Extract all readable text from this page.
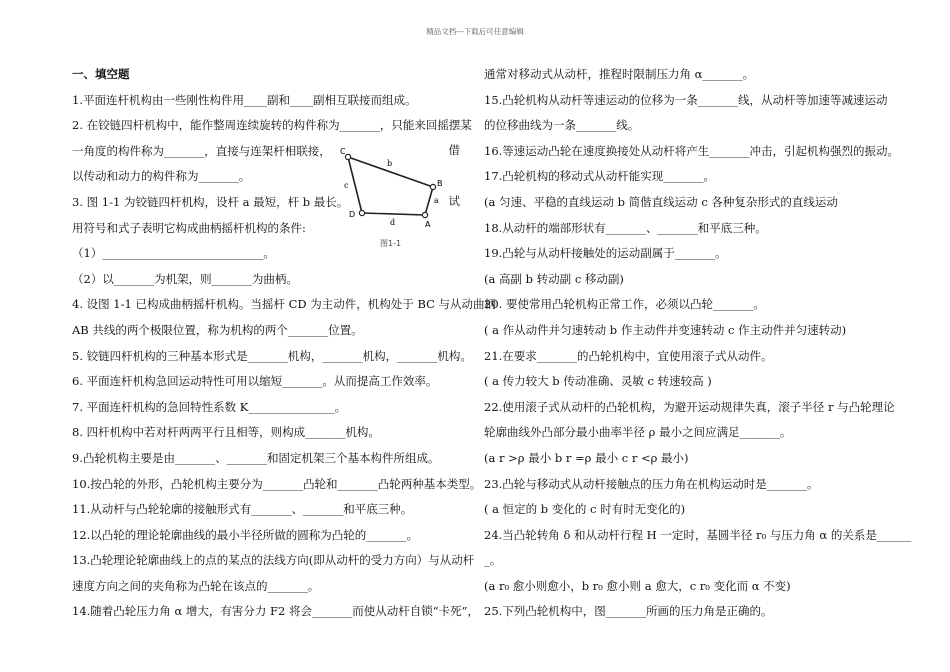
精品文档---下载后可任意编辑
一、填空题
1.平面连杆机构由一些刚性构件用____副和____副相互联接而组成。
2. 在铰链四杆机构中，能作整周连续旋转的构件称为_______，只能来回摇摆某
一角度的构件称为_______，直接与连架杆相联接，
以传动和动力的构件称为_______。
3. 图 1-1 为铰链四杆机构，设杆 a 最短，杆 b 最长。
用符号和式子表明它构成曲柄摇杆机构的条件:
（1）____________________________。
（2）以_______为机架，则_______为曲柄。
4. 设图 1-1 已构成曲柄摇杆机构。当摇杆 CD 为主动件，机构处于 BC 与从动曲柄
AB 共线的两个极限位置，称为机构的两个_______位置。
5. 铰链四杆机构的三种基本形式是_______机构，_______机构，_______机构。
6. 平面连杆机构急回运动特性可用以缩短_______。从而提高工作效率。
7. 平面连杆机构的急回特性系数 K_______________。
8. 四杆机构中若对杆两两平行且相等，则构成_______机构。
9.凸轮机构主要是由_______、_______和固定机架三个基本构件所组成。
10.按凸轮的外形，凸轮机构主要分为_______凸轮和_______凸轮两种基本类型。
11.从动杆与凸轮轮廓的接触形式有_______、_______和平底三种。
12.以凸轮的理论轮廓曲线的最小半径所做的圆称为凸轮的_______。
13.凸轮理论轮廓曲线上的点的某点的法线方向(即从动杆的受力方向）与从动杆
速度方向之间的夹角称为凸轮在该点的_______。
14.随着凸轮压力角 α 增大，有害分力 F2 将会_______而使从动杆自锁“卡死”，
借
试
C
B
D
A
b
c
d
a
图1-1
通常对移动式从动杆，推程时限制压力角 α_______。
15.凸轮机构从动杆等速运动的位移为一条_______线，从动杆等加速等减速运动
的位移曲线为一条_______线。
16.等速运动凸轮在速度换接处从动杆将产生_______冲击，引起机构强烈的振动。
17.凸轮机构的移动式从动杆能实现_______。
(a 匀速、平稳的直线运动 b 简偕直线运动 c 各种复杂形式的直线运动
18.从动杆的端部形状有_______、_______和平底三种。
19.凸轮与从动杆接触处的运动副属于_______。
(a 高副 b 转动副 c 移动副)
20. 要使常用凸轮机构正常工作，必须以凸轮_______。
( a 作从动件并匀速转动 b 作主动件并变速转动 c 作主动件并匀速转动)
21.在要求_______的凸轮机构中，宜使用滚子式从动件。
( a 传力较大 b 传动准确、灵敏 c 转速较高 )
22.使用滚子式从动杆的凸轮机构，为避开运动规律失真，滚子半径 r 与凸轮理论
轮廓曲线外凸部分最小曲率半径 ρ 最小之间应满足_______。
(a r >ρ 最小 b r =ρ 最小 c r <ρ 最小)
23.凸轮与移动式从动杆接触点的压力角在机构运动时是_______。
( a 恒定的 b 变化的 c 时有时无变化的)
24.当凸轮转角 δ 和从动杆行程 H 一定时，基圆半径 r₀ 与压力角 α 的关系是______
_。
(a r₀ 愈小则愈小，b r₀ 愈小则 a 愈大，c r₀ 变化而 α 不变)
25.下列凸轮机构中，图_______所画的压力角是正确的。
